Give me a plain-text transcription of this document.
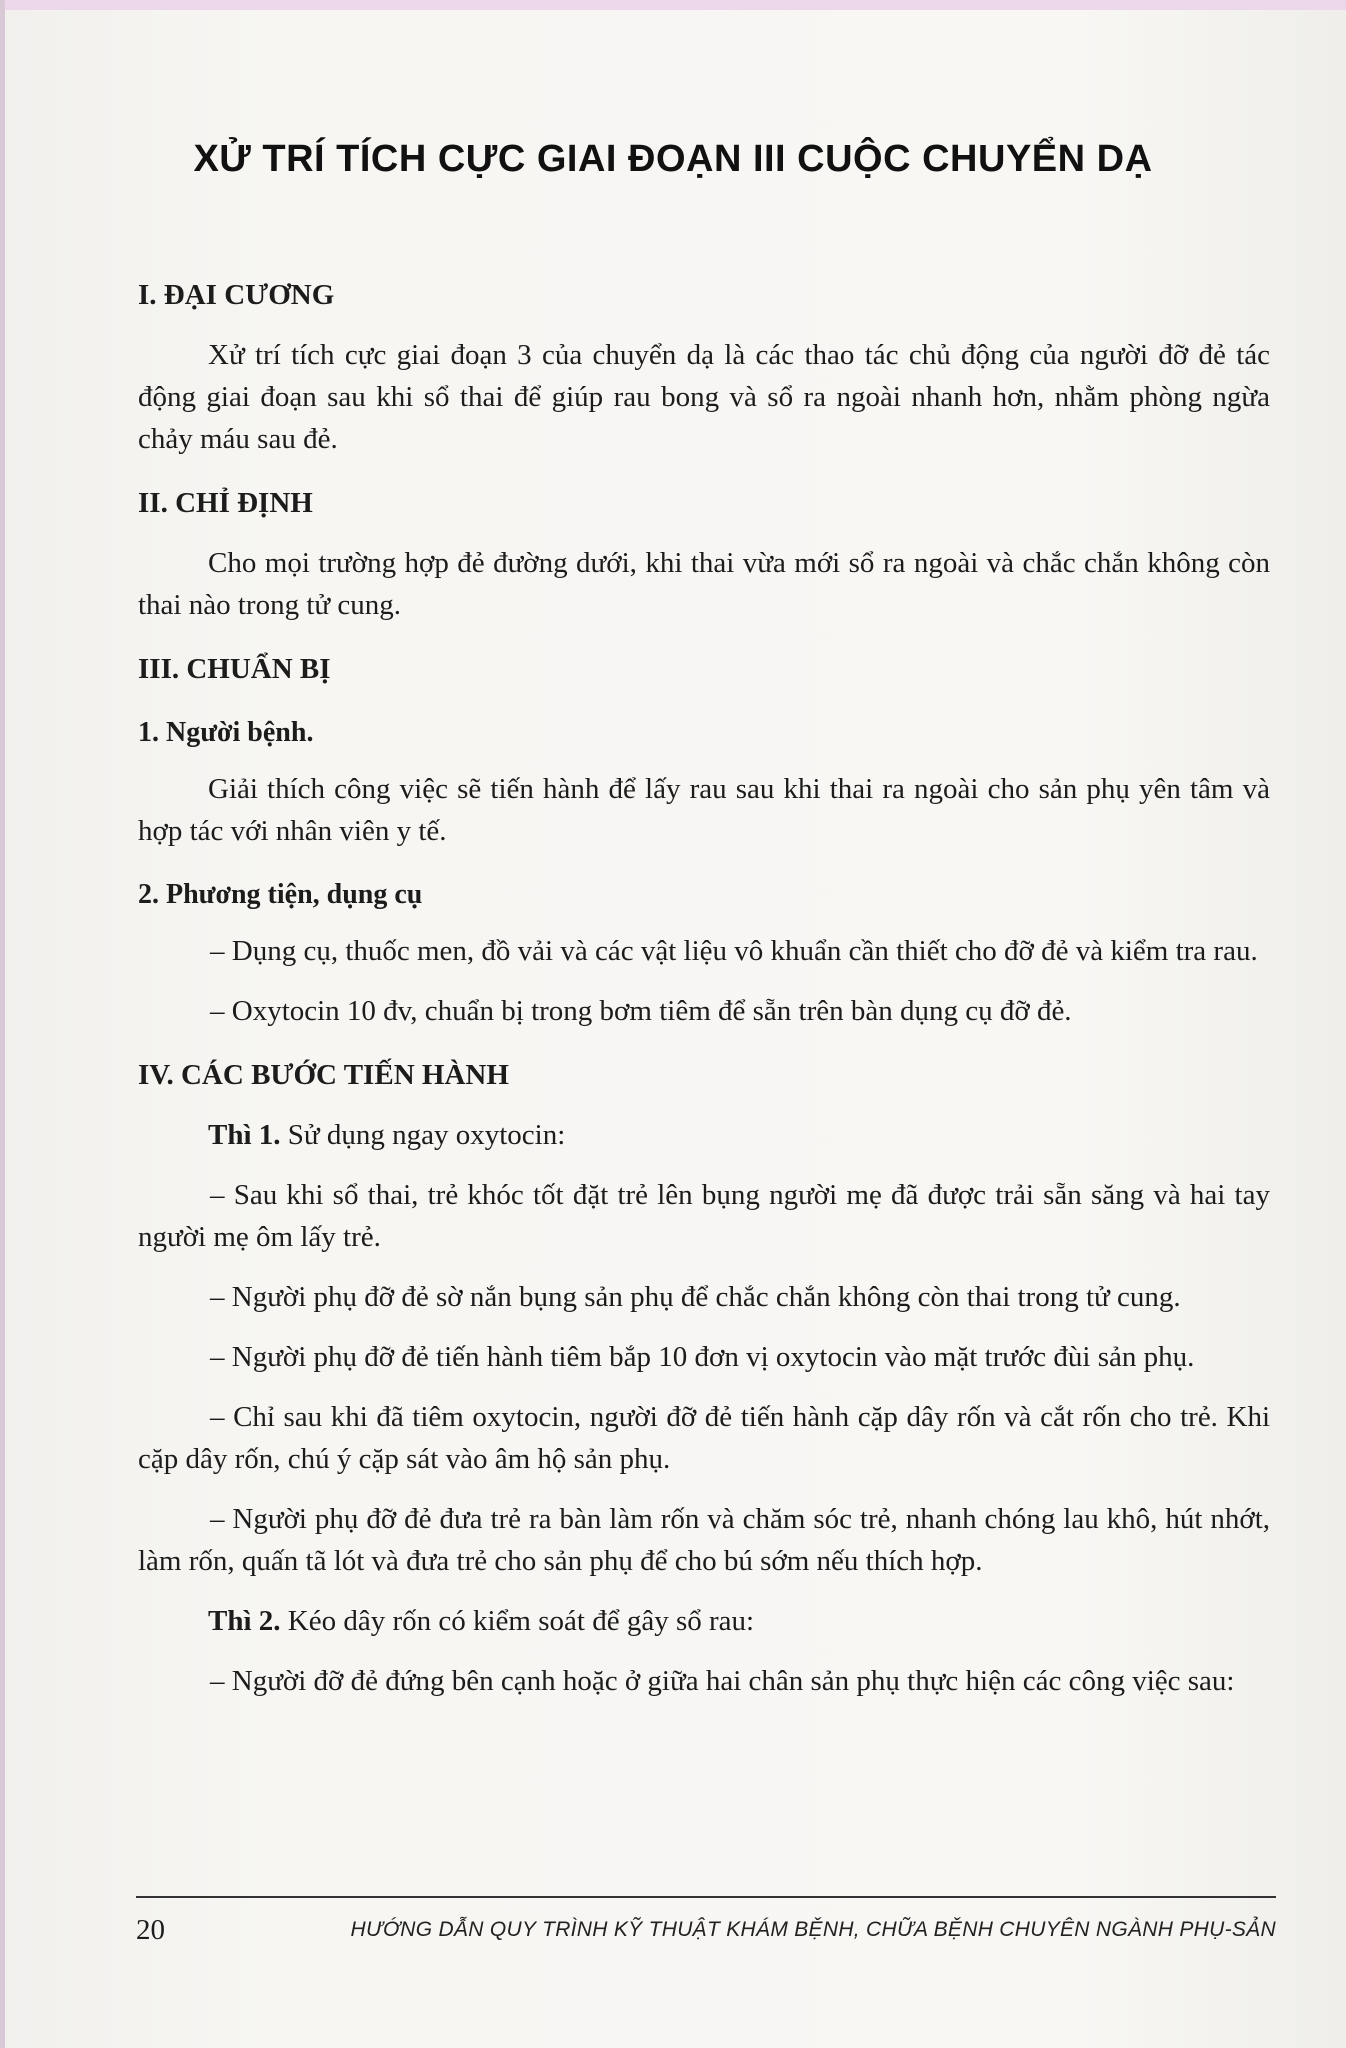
XỬ TRÍ TÍCH CỰC GIAI ĐOẠN III CUỘC CHUYỂN DẠ
I. ĐẠI CƯƠNG

Xử trí tích cực giai đoạn 3 của chuyển dạ là các thao tác chủ động của người đỡ đẻ tác động giai đoạn sau khi sổ thai để giúp rau bong và sổ ra ngoài nhanh hơn, nhằm phòng ngừa chảy máu sau đẻ.

II. CHỈ ĐỊNH

Cho mọi trường hợp đẻ đường dưới, khi thai vừa mới sổ ra ngoài và chắc chắn không còn thai nào trong tử cung.

III. CHUẨN BỊ
1. Người bệnh.

Giải thích công việc sẽ tiến hành để lấy rau sau khi thai ra ngoài cho sản phụ yên tâm và hợp tác với nhân viên y tế.

2. Phương tiện, dụng cụ

– Dụng cụ, thuốc men, đồ vải và các vật liệu vô khuẩn cần thiết cho đỡ đẻ và kiểm tra rau.

– Oxytocin 10 đv, chuẩn bị trong bơm tiêm để sẵn trên bàn dụng cụ đỡ đẻ.

IV. CÁC BƯỚC TIẾN HÀNH

Thì 1. Sử dụng ngay oxytocin:

– Sau khi sổ thai, trẻ khóc tốt đặt trẻ lên bụng người mẹ đã được trải sẵn săng và hai tay người mẹ ôm lấy trẻ.

– Người phụ đỡ đẻ sờ nắn bụng sản phụ để chắc chắn không còn thai trong tử cung.

– Người phụ đỡ đẻ tiến hành tiêm bắp 10 đơn vị oxytocin vào mặt trước đùi sản phụ.

– Chỉ sau khi đã tiêm oxytocin, người đỡ đẻ tiến hành cặp dây rốn và cắt rốn cho trẻ. Khi cặp dây rốn, chú ý cặp sát vào âm hộ sản phụ.

– Người phụ đỡ đẻ đưa trẻ ra bàn làm rốn và chăm sóc trẻ, nhanh chóng lau khô, hút nhớt, làm rốn, quấn tã lót và đưa trẻ cho sản phụ để cho bú sớm nếu thích hợp.

Thì 2. Kéo dây rốn có kiểm soát để gây sổ rau:

– Người đỡ đẻ đứng bên cạnh hoặc ở giữa hai chân sản phụ thực hiện các công việc sau:

20	HƯỚNG DẪN QUY TRÌNH KỸ THUẬT KHÁM BỆNH, CHỮA BỆNH CHUYÊN NGÀNH PHỤ-SẢN
